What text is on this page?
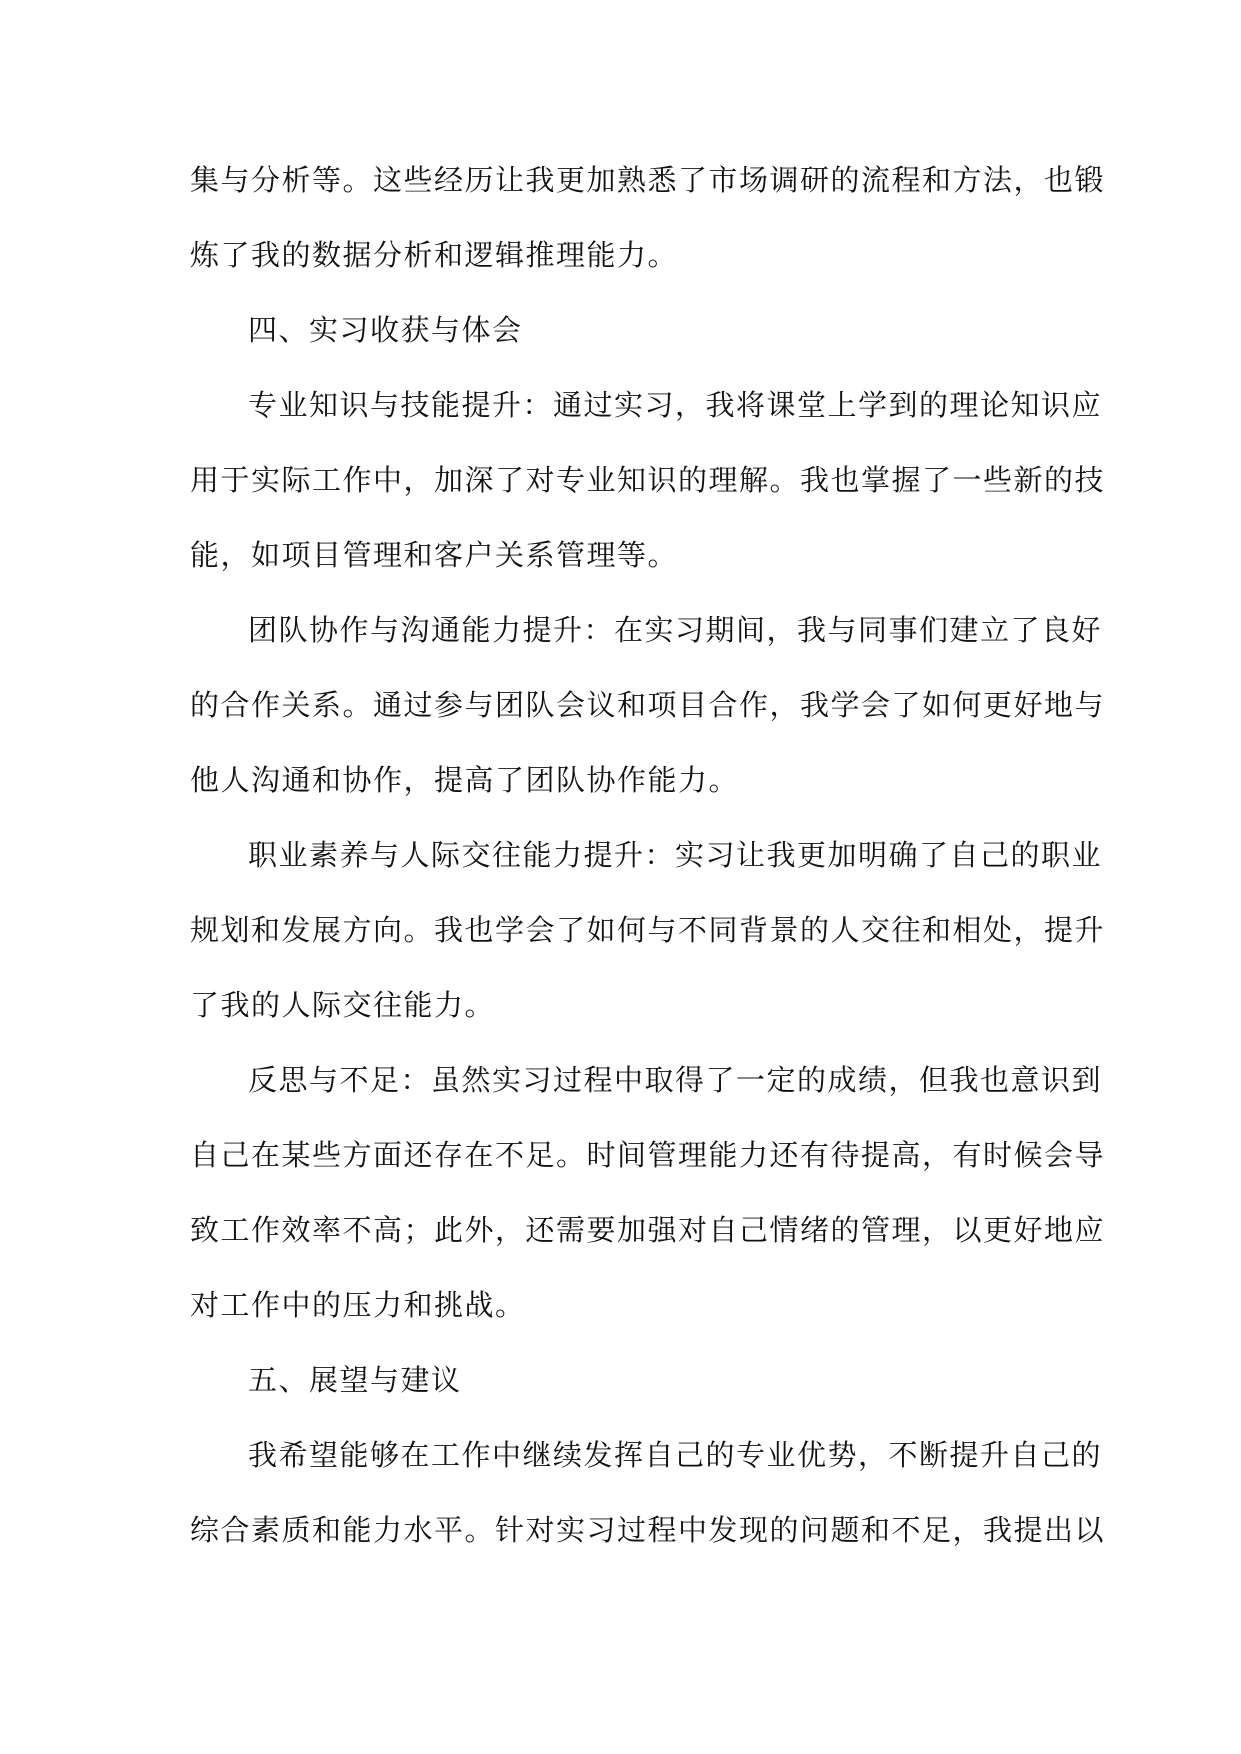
集与分析等。这些经历让我更加熟悉了市场调研的流程和方法，也锻
炼了我的数据分析和逻辑推理能力。

四、实习收获与体会

专业知识与技能提升：通过实习，我将课堂上学到的理论知识应
用于实际工作中，加深了对专业知识的理解。我也掌握了一些新的技
能，如项目管理和客户关系管理等。

团队协作与沟通能力提升：在实习期间，我与同事们建立了良好
的合作关系。通过参与团队会议和项目合作，我学会了如何更好地与
他人沟通和协作，提高了团队协作能力。

职业素养与人际交往能力提升：实习让我更加明确了自己的职业
规划和发展方向。我也学会了如何与不同背景的人交往和相处，提升
了我的人际交往能力。

反思与不足：虽然实习过程中取得了一定的成绩，但我也意识到
自己在某些方面还存在不足。时间管理能力还有待提高，有时候会导
致工作效率不高；此外，还需要加强对自己情绪的管理，以更好地应
对工作中的压力和挑战。

五、展望与建议

我希望能够在工作中继续发挥自己的专业优势，不断提升自己的
综合素质和能力水平。针对实习过程中发现的问题和不足，我提出以
